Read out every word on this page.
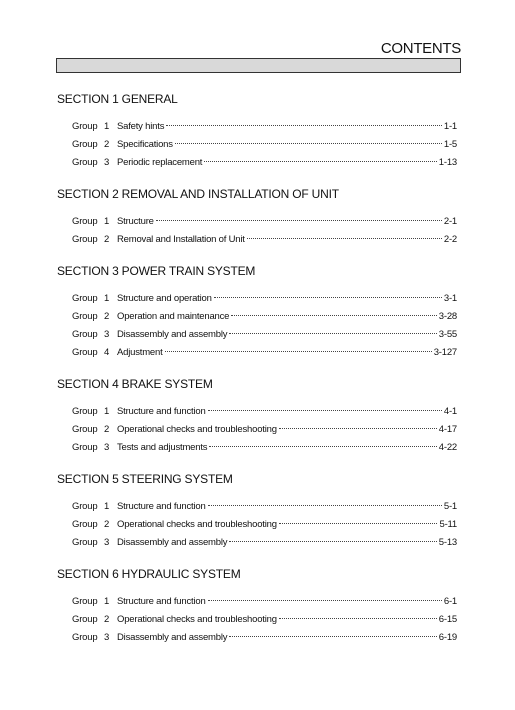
CONTENTS
SECTION 1 GENERAL
Group 1 Safety hints	1-1
Group 2 Specifications	1-5
Group 3 Periodic replacement	1-13
SECTION 2 REMOVAL AND INSTALLATION OF UNIT
Group 1 Structure	2-1
Group 2 Removal and Installation of Unit	2-2
SECTION 3 POWER TRAIN SYSTEM
Group 1 Structure and operation	3-1
Group 2 Operation and maintenance	3-28
Group 3 Disassembly and assembly	3-55
Group 4 Adjustment	3-127
SECTION 4 BRAKE SYSTEM
Group 1 Structure and function	4-1
Group 2 Operational checks and troubleshooting	4-17
Group 3 Tests and adjustments	4-22
SECTION 5 STEERING SYSTEM
Group 1 Structure and function	5-1
Group 2 Operational checks and troubleshooting	5-11
Group 3 Disassembly and assembly	5-13
SECTION 6 HYDRAULIC SYSTEM
Group 1 Structure and function	6-1
Group 2 Operational checks and troubleshooting	6-15
Group 3 Disassembly and assembly	6-19
